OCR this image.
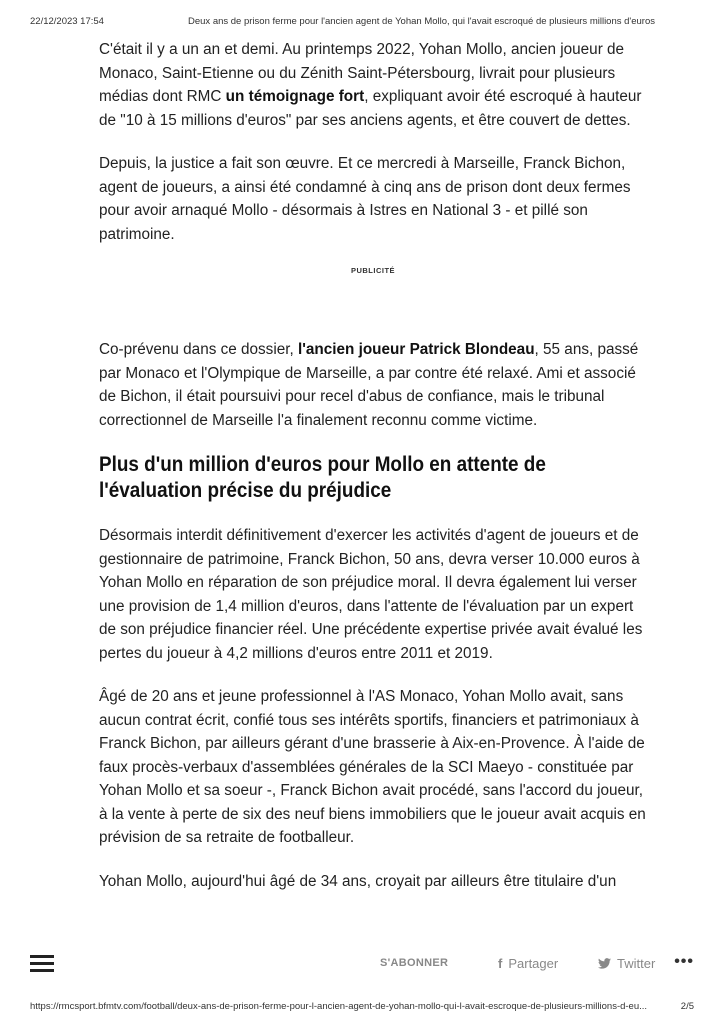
22/12/2023 17:54	Deux ans de prison ferme pour l'ancien agent de Yohan Mollo, qui l'avait escroqué de plusieurs millions d'euros

C'était il y a un an et demi. Au printemps 2022, Yohan Mollo, ancien joueur de Monaco, Saint-Etienne ou du Zénith Saint-Pétersbourg, livrait pour plusieurs médias dont RMC un témoignage fort, expliquant avoir été escroqué à hauteur de "10 à 15 millions d'euros" par ses anciens agents, et être couvert de dettes.

Depuis, la justice a fait son œuvre. Et ce mercredi à Marseille, Franck Bichon, agent de joueurs, a ainsi été condamné à cinq ans de prison dont deux fermes pour avoir arnaqué Mollo - désormais à Istres en National 3 - et pillé son patrimoine.

PUBLICITÉ

Co-prévenu dans ce dossier, l'ancien joueur Patrick Blondeau, 55 ans, passé par Monaco et l'Olympique de Marseille, a par contre été relaxé. Ami et associé de Bichon, il était poursuivi pour recel d'abus de confiance, mais le tribunal correctionnel de Marseille l'a finalement reconnu comme victime.

Plus d'un million d'euros pour Mollo en attente de l'évaluation précise du préjudice

Désormais interdit définitivement d'exercer les activités d'agent de joueurs et de gestionnaire de patrimoine, Franck Bichon, 50 ans, devra verser 10.000 euros à Yohan Mollo en réparation de son préjudice moral. Il devra également lui verser une provision de 1,4 million d'euros, dans l'attente de l'évaluation par un expert de son préjudice financier réel. Une précédente expertise privée avait évalué les pertes du joueur à 4,2 millions d'euros entre 2011 et 2019.

Âgé de 20 ans et jeune professionnel à l'AS Monaco, Yohan Mollo avait, sans aucun contrat écrit, confié tous ses intérêts sportifs, financiers et patrimoniaux à Franck Bichon, par ailleurs gérant d'une brasserie à Aix-en-Provence. À l'aide de faux procès-verbaux d'assemblées générales de la SCI Maeyo - constituée par Yohan Mollo et sa soeur -, Franck Bichon avait procédé, sans l'accord du joueur, à la vente à perte de six des neuf biens immobiliers que le joueur avait acquis en prévision de sa retraite de footballeur.

Yohan Mollo, aujourd'hui âgé de 34 ans, croyait par ailleurs être titulaire d'un

S'ABONNER	f Partager	Twitter •••
https://rmcsport.bfmtv.com/football/deux-ans-de-prison-ferme-pour-l-ancien-agent-de-yohan-mollo-qui-l-avait-escroque-de-plusieurs-millions-d-eu...	2/5
